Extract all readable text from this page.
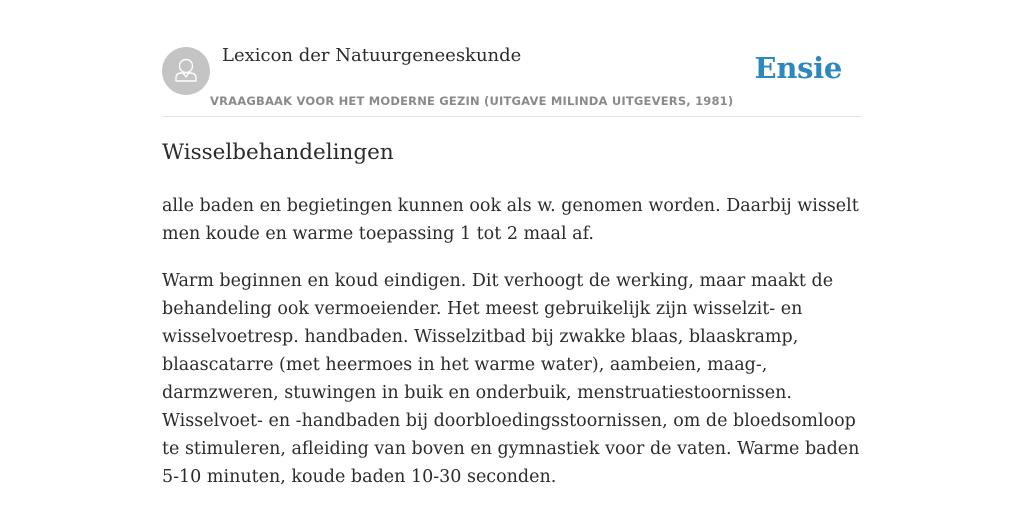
Lexicon der Natuurgeneeskunde
VRAAGBAAK VOOR HET MODERNE GEZIN (UITGAVE MILINDA UITGEVERS, 1981)
Ensie
Wisselbehandelingen

alle baden en begietingen kunnen ook als w. genomen worden. Daarbij wisselt men koude en warme toepassing 1 tot 2 maal af.

Warm beginnen en koud eindigen. Dit verhoogt de werking, maar maakt de behandeling ook vermoeiender. Het meest gebruikelijk zijn wisselzit- en wisselvoetresp. handbaden. Wisselzitbad bij zwakke blaas, blaaskramp, blaascatarre (met heermoes in het warme water), aambeien, maag-, darmzweren, stuwingen in buik en onderbuik, menstruatiestoornissen. Wisselvoet- en -handbaden bij doorbloedingsstoornissen, om de bloedsomloop te stimuleren, afleiding van boven en gymnastiek voor de vaten. Warme baden 5-10 minuten, koude baden 10-30 seconden.
